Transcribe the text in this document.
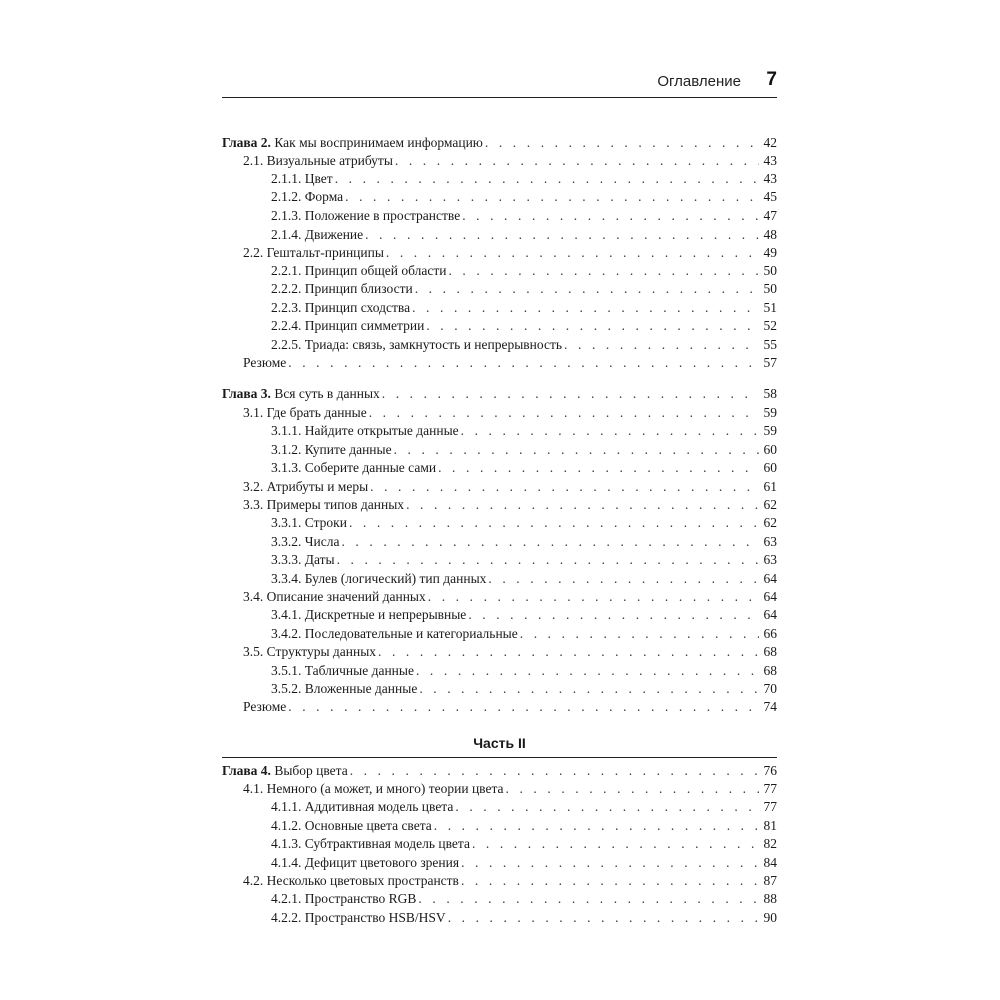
Оглавление 7
Часть II
Глава 2. Как мы воспринимаем информацию . . .	42
2.1. Визуальные атрибуты . . .	43
2.1.1. Цвет . . .	43
2.1.2. Форма . . .	45
2.1.3. Положение в пространстве . . .	47
2.1.4. Движение . . .	48
2.2. Гештальт-принципы . . .	49
2.2.1. Принцип общей области . . .	50
2.2.2. Принцип близости . . .	50
2.2.3. Принцип сходства . . .	51
2.2.4. Принцип симметрии . . .	52
2.2.5. Триада: связь, замкнутость и непрерывность . . .	55
Резюме . . .	57
Глава 3. Вся суть в данных . . .	58
3.1. Где брать данные . . .	59
3.1.1. Найдите открытые данные . . .	59
3.1.2. Купите данные . . .	60
3.1.3. Соберите данные сами . . .	60
3.2. Атрибуты и меры . . .	61
3.3. Примеры типов данных . . .	62
3.3.1. Строки . . .	62
3.3.2. Числа . . .	63
3.3.3. Даты . . .	63
3.3.4. Булев (логический) тип данных . . .	64
3.4. Описание значений данных . . .	64
3.4.1. Дискретные и непрерывные . . .	64
3.4.2. Последовательные и категориальные . . .	66
3.5. Структуры данных . . .	68
3.5.1. Табличные данные . . .	68
3.5.2. Вложенные данные . . .	70
Резюме . . .	74
Глава 4. Выбор цвета . . .	76
4.1. Немного (а может, и много) теории цвета . . .	77
4.1.1. Аддитивная модель цвета . . .	77
4.1.2. Основные цвета света . . .	81
4.1.3. Субтрактивная модель цвета . . .	82
4.1.4. Дефицит цветового зрения . . .	84
4.2. Несколько цветовых пространств . . .	87
4.2.1. Пространство RGB . . .	88
4.2.2. Пространство HSB/HSV . . .	90
